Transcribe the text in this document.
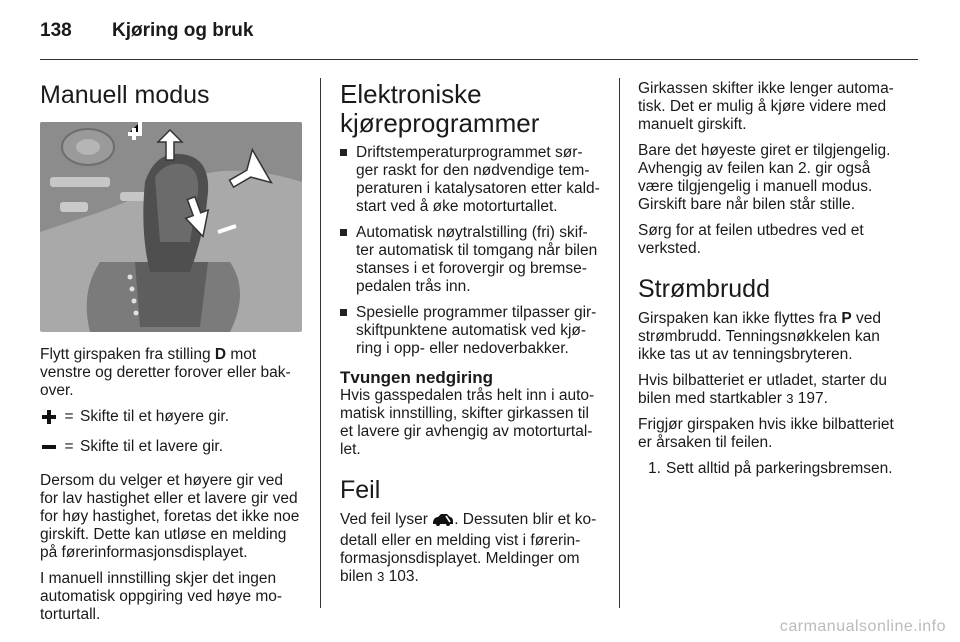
138 Kjøring og bruk
Manuell modus

Flytt girspaken fra stilling D mot venstre og deretter forover eller bak-over.

= Skifte til et høyere gir.
= Skifte til et lavere gir.

Dersom du velger et høyere gir ved for lav hastighet eller et lavere gir ved for høy hastighet, foretas det ikke noe girskift. Dette kan utløse en melding på førerinformasjonsdisplayet.

I manuell innstilling skjer det ingen automatisk oppgiring ved høye mo-torturtall.

Elektroniske kjøreprogrammer
Driftstemperaturprogrammet sør-ger raskt for den nødvendige tem-peraturen i katalysatoren etter kald-start ved å øke motorturtallet.
Automatisk nøytralstilling (fri) skif-ter automatisk til tomgang når bilen stanses i et forovergir og bremse-pedalen trås inn.
Spesielle programmer tilpasser gir-skiftpunktene automatisk ved kjø-ring i opp- eller nedoverbakker.
Tvungen nedgiring

Hvis gasspedalen trås helt inn i auto-matisk innstilling, skifter girkassen til et lavere gir avhengig av motorturtal-let.

Feil

Ved feil lyser . Dessuten blir et ko-detall eller en melding vist i førerin-formasjonsdisplayet. Meldinger om bilen 3 103.

Girkassen skifter ikke lenger automa-tisk. Det er mulig å kjøre videre med manuelt girskift.

Bare det høyeste giret er tilgjengelig. Avhengig av feilen kan 2. gir også være tilgjengelig i manuell modus. Girskift bare når bilen står stille.

Sørg for at feilen utbedres ved et verksted.

Strømbrudd

Girspaken kan ikke flyttes fra P ved strømbrudd. Tenningsnøkkelen kan ikke tas ut av tenningsbryteren.

Hvis bilbatteriet er utladet, starter du bilen med startkabler 3 197.

Frigjør girspaken hvis ikke bilbatteriet er årsaken til feilen.

1. Sett alltid på parkeringsbremsen.
carmanualsonline.info
